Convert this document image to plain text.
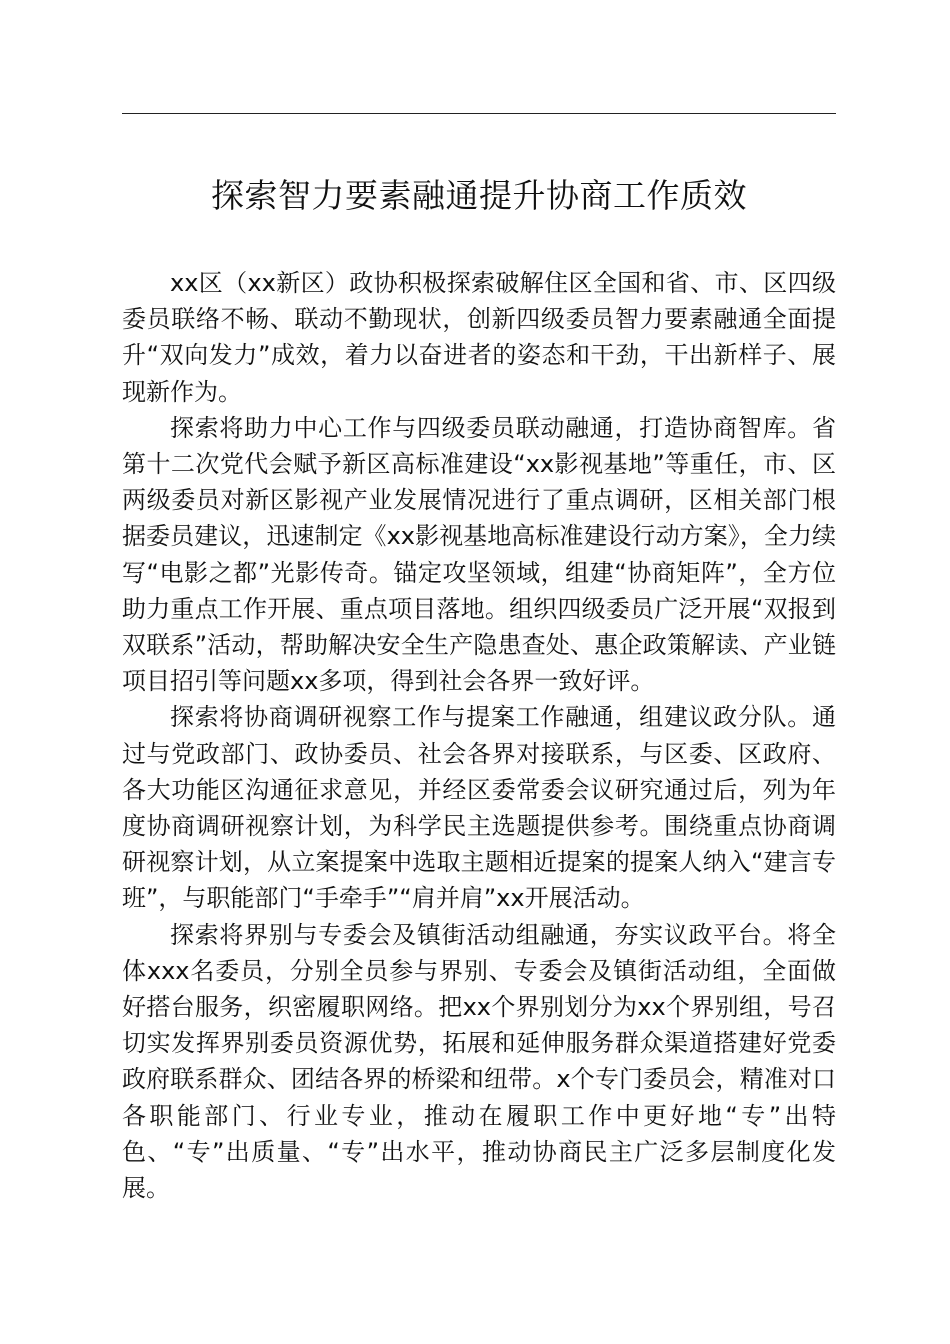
探索智力要素融通提升协商工作质效

xx区（xx新区）政协积极探索破解住区全国和省、市、区四级委员联络不畅、联动不勤现状，创新四级委员智力要素融通全面提升“双向发力”成效，着力以奋进者的姿态和干劲，干出新样子、展现新作为。

探索将助力中心工作与四级委员联动融通，打造协商智库。省第十二次党代会赋予新区高标准建设“xx影视基地”等重任，市、区两级委员对新区影视产业发展情况进行了重点调研，区相关部门根据委员建议，迅速制定《xx影视基地高标准建设行动方案》，全力续写“电影之都”光影传奇。锚定攻坚领域，组建“协商矩阵”，全方位助力重点工作开展、重点项目落地。组织四级委员广泛开展“双报到双联系”活动，帮助解决安全生产隐患查处、惠企政策解读、产业链项目招引等问题xx多项，得到社会各界一致好评。

探索将协商调研视察工作与提案工作融通，组建议政分队。通过与党政部门、政协委员、社会各界对接联系，与区委、区政府、各大功能区沟通征求意见，并经区委常委会议研究通过后，列为年度协商调研视察计划，为科学民主选题提供参考。围绕重点协商调研视察计划，从立案提案中选取主题相近提案的提案人纳入“建言专班”，与职能部门“手牵手”“肩并肩”xx开展活动。

探索将界别与专委会及镇街活动组融通，夯实议政平台。将全体xxx名委员，分别全员参与界别、专委会及镇街活动组，全面做好搭台服务，织密履职网络。把xx个界别划分为xx个界别组，号召切实发挥界别委员资源优势，拓展和延伸服务群众渠道搭建好党委政府联系群众、团结各界的桥梁和纽带。x个专门委员会，精准对口各职能部门、行业专业，推动在履职工作中更好地“专”出特色、“专”出质量、“专”出水平，推动协商民主广泛多层制度化发展。
